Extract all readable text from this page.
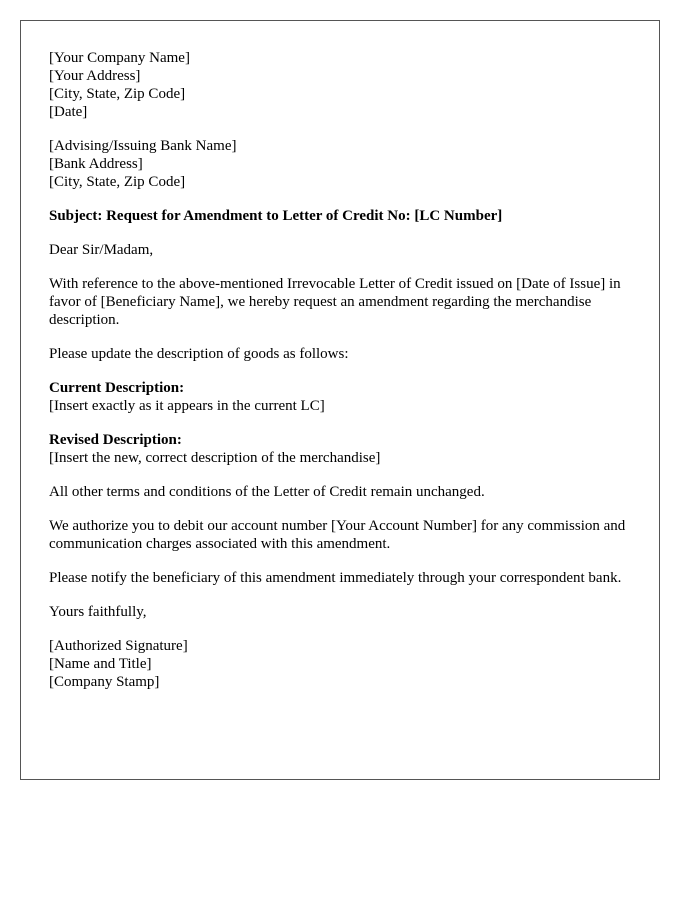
[Your Company Name]
[Your Address]
[City, State, Zip Code]
[Date]
[Advising/Issuing Bank Name]
[Bank Address]
[City, State, Zip Code]

Subject: Request for Amendment to Letter of Credit No: [LC Number]

Dear Sir/Madam,

With reference to the above-mentioned Irrevocable Letter of Credit issued on [Date of Issue] in favor of [Beneficiary Name], we hereby request an amendment regarding the merchandise description.

Please update the description of goods as follows:

Current Description:
[Insert exactly as it appears in the current LC]
Revised Description:
[Insert the new, correct description of the merchandise]

All other terms and conditions of the Letter of Credit remain unchanged.

We authorize you to debit our account number [Your Account Number] for any commission and communication charges associated with this amendment.

Please notify the beneficiary of this amendment immediately through your correspondent bank.

Yours faithfully,

[Authorized Signature]
[Name and Title]
[Company Stamp]
